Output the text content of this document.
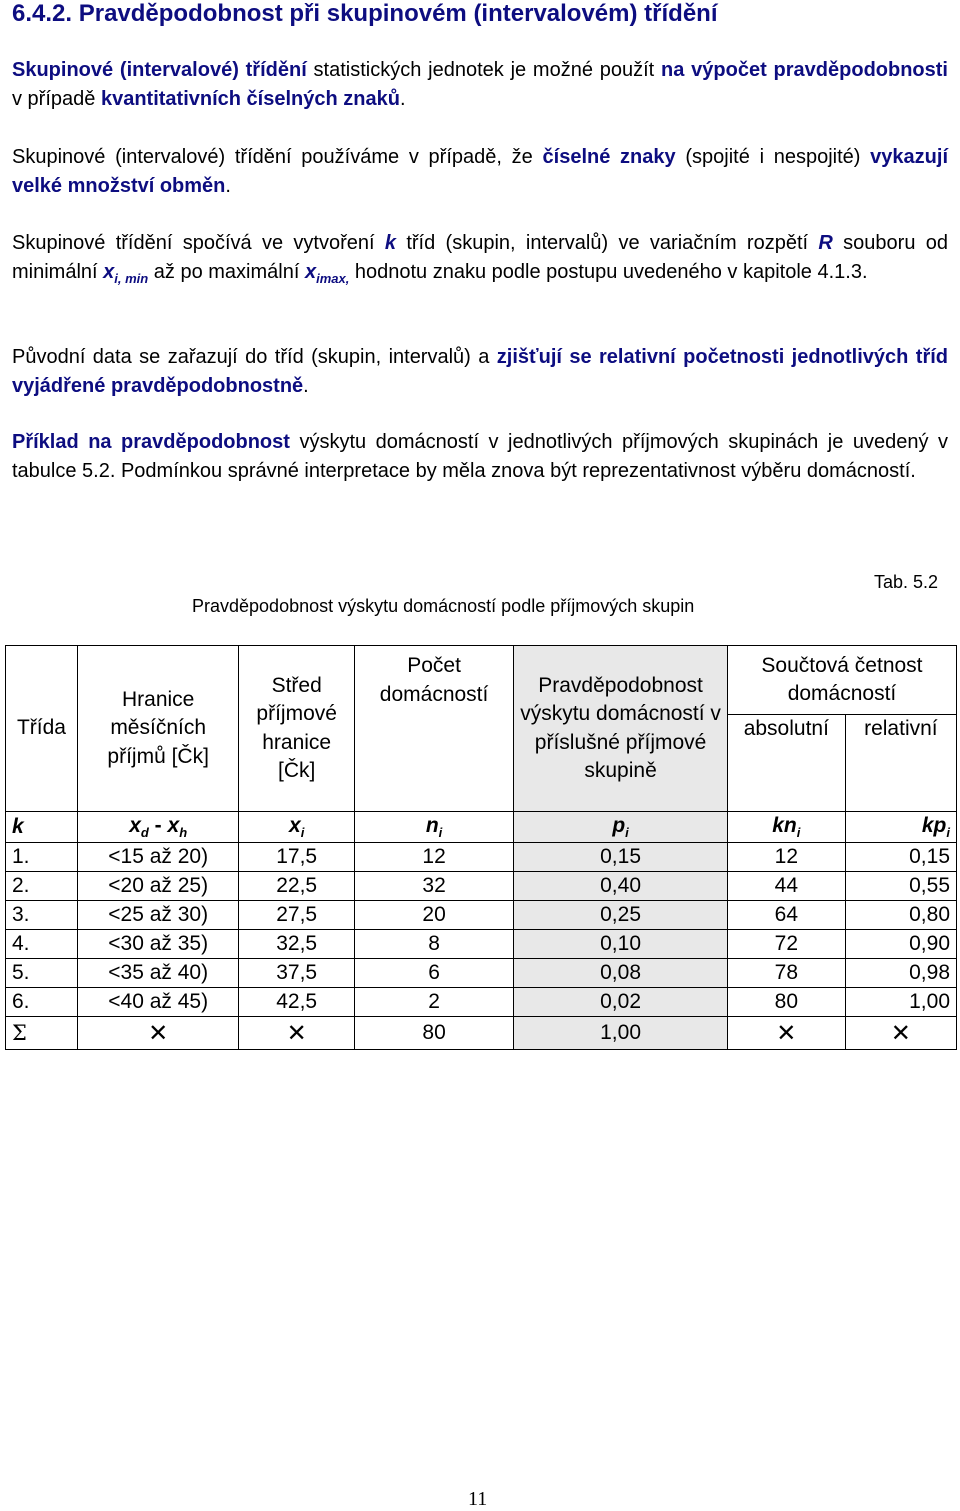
6.4.2. Pravděpodobnost při skupinovém (intervalovém) třídění
Skupinové (intervalové) třídění statistických jednotek je možné použít na výpočet pravděpodobnosti v případě kvantitativních číselných znaků.
Skupinové (intervalové) třídění používáme v případě, že číselné znaky (spojité i nespojité) vykazují velké množství obměn.
Skupinové třídění spočívá ve vytvoření k tříd (skupin, intervalů) ve variačním rozpětí R souboru od minimální $x_{i, min}$ až po maximální $x_{imax,}$ hodnotu znaku podle postupu uvedeného v kapitole 4.1.3.
Původní data se zařazují do tříd (skupin, intervalů) a zjišťují se relativní početnosti jednotlivých tříd vyjádřené pravděpodobnostně.
Příklad na pravděpodobnost výskytu domácností v jednotlivých příjmových skupinách je uvedený v tabulce 5.2. Podmínkou správné interpretace by měla znova být reprezentativnost výběru domácností.
Tab. 5.2
Pravděpodobnost výskytu domácností podle příjmových skupin
Třída	Hranice měsíčních příjmů [Čk]	Střed příjmové hranice [Čk]	Počet domácností	Pravděpodobnost výskytu domácností v příslušné příjmové skupině	Součtová četnost domácností	
					absolutní	relativní
k	$x_d - x_h$	$x_i$	$n_i$	$p_i$	$kn_i$	$kp_i$
1.	<15 až 20)	17,5	12	0,15	12	0,15
2.	<20 až 25)	22,5	32	0,40	44	0,55
3.	<25 až 30)	27,5	20	0,25	64	0,80
4.	<30 až 35)	32,5	8	0,10	72	0,90
5.	<35 až 40)	37,5	6	0,08	78	0,98
6.	<40 až 45)	42,5	2	0,02	80	1,00
Σ	✕	✕	80	1,00	✕	✕
11
